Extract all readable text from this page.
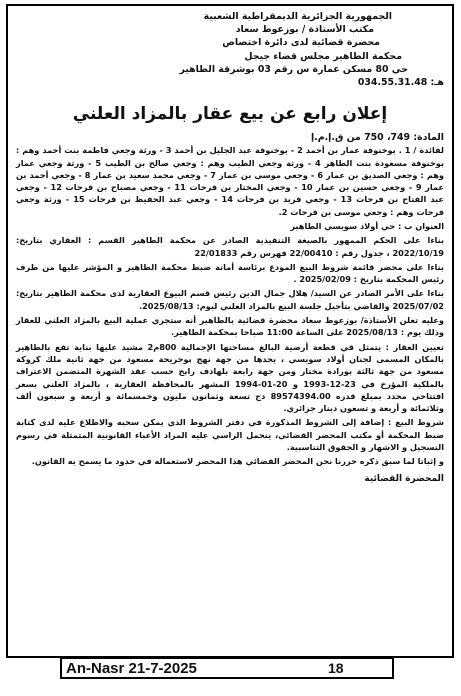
الجمهورية الجزائرية الديمقراطية الشعبية
مكتب الأستاذة / بوزعوط سعاد
محضرة قضائية لدى دائرة اختصاص
محكمة الطاهير مجلس قضاء جيجل
حي 80 مسكن عمارة س رقم 03 بوشرقة الطاهير
هـ: 034.55.31.48
إعلان رابع عن بيع عقار بالمزاد العلني
المادة: 749، 750 من ق.إ.م.إ

لفائدة / 1 . بوخنوفة عمار بن أحمد 2 - بوخنوفة عبد الجليل بن أحمد 3 - ورثة وجعي فاطمة بنت أحمد وهم : بوخنوفة مسعودة بنت الطاهر 4 - ورثة وجعي الطيب وهم : وجعي صالح بن الطيب 5 - ورثة وجعي عمار وهم : وجعي الصديق بن عمار 6 - وجعي موسى بن عمار 7 - وجعي محمد سعيد بن عمار 8 - وجعي أحمد بن عمار 9 - وجعي حسين بن عمار 10 - وجعي المختار بن فرحات 11 - وجعي مصباح بن فرحات 12 - وجعي عبد الفتاح بن فرحات 13 - وجعي فريد بن فرحات 14 - وجعي عبد الحفيظ بن فرحات 15 - ورثة وجعي فرحات وهم : وجعي موسى بن فرحات 2.

العنوان ب : حي أولاد سويسي الطاهير

بناءا على الحكم الممهور بالصيغة التنفيذية الصادر عن محكمة الطاهير القسم : العقاري بتاريخ: 2022/10/19 ، جدول رقم : 22/00410 فهرس رقم 22/01833

بناءا على محضر قائمة شروط البيع المودع برئاسة أمانة ضبط محكمة الطاهير و المؤشر عليها من طرف رئيس المحكمة بتاريخ : 2025/02/09 .

بناءا على الأمر الصادر عن السيد/ هلال جمال الدين رئيس قسم البيوع العقارية لدى محكمة الطاهير بتاريخ: 2025/07/02 والقاضي بتأجيل جلسة البيع بالمزاد العلني ليوم: 2025/08/13.

وعليه تعلن الأستاذة/ بوزعوط سعاد محضرة قضائية بالطاهير أنه ستجري عملية البيع بالمزاد العلني للعقار وذلك يوم : 2025/08/13 على الساعة 11:00 صباحا بمحكمة الطاهير.

تعيين العقار : يتمثل في قطعة أرضية البالغ مساحتها الإجمالية 800م2 مشيد عليها بناية تقع بالطاهير بالمكان المسمى لجنان أولاد سويسي ، يحدها من جهة نهج بوجريحة مسعود من جهة ثانية ملك كروكة مسعود من جهة ثالثة بورادة مختار ومن جهة رابعة بلهادف رابح حسب عقد الشهرة المتضمن الاعتراف بالملكية المؤرخ في 23-12-1993 و 20-01-1994 المشهر بالمحافظة العقارية ، بالمزاد العلني بسعر افتتاحي محدد بمبلغ قدره 89574394.00 دج تسعة وثمانون مليون وخمسمائة و أربعة و سبعون ألف وثلاثمائة و أربعة و تسعون دينار جزائري.

شروط البيع : إضافة إلى الشروط المذكورة في دفتر الشروط الذي يمكن سحبه والاطلاع عليه لدى كتابة ضبط المحكمة أو مكتب المحضر القضائي، يتحمل الراسي عليه المزاد الأعباء القانونية المتمثلة في رسوم التسجيل و الاشهار و الحقوق التناسبية.

و إثباتا لما سبق ذكره حررنا نحن المحضر القضائي هذا المحضر لاستعماله في حدود ما يسمح به القانون.

المحضرة القضائية
An-Nasr 21-7-2025	18
